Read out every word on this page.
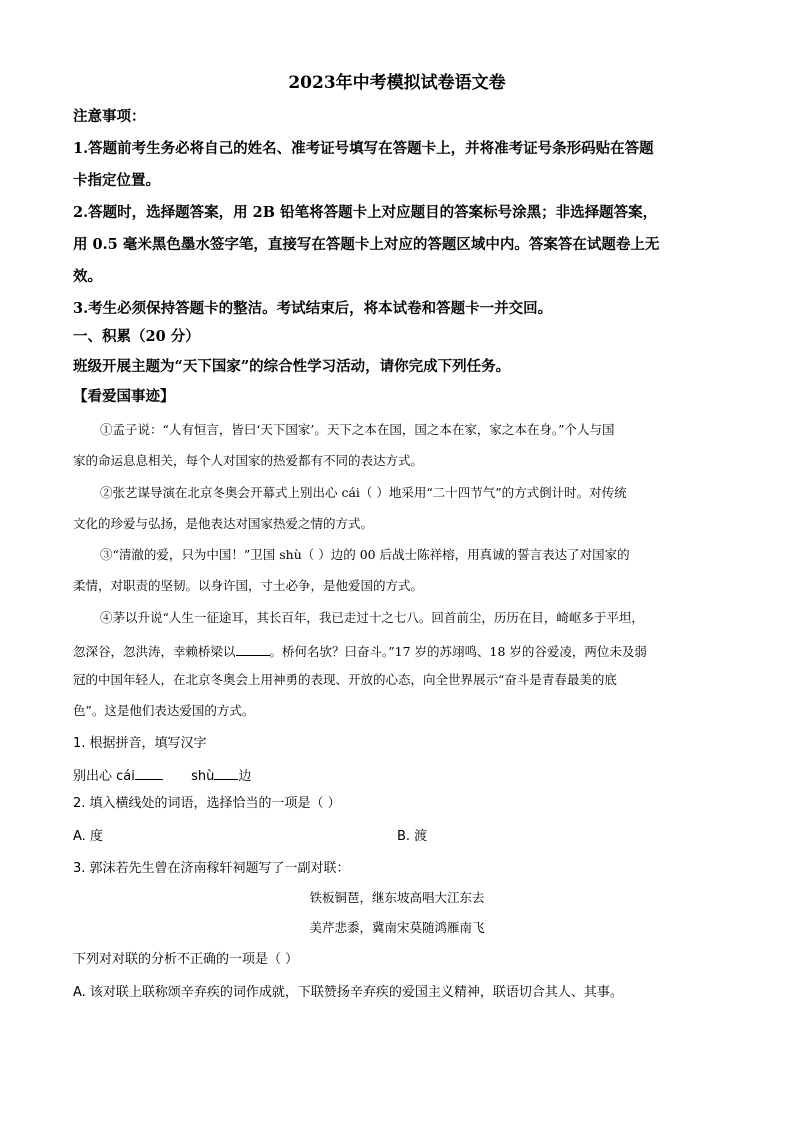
2023年中考模拟试卷语文卷
注意事项：
1.答题前考生务必将自己的姓名、准考证号填写在答题卡上，并将准考证号条形码贴在答题
卡指定位置。
2.答题时，选择题答案，用 2B 铅笔将答题卡上对应题目的答案标号涂黑；非选择题答案，
用 0.5 毫米黑色墨水签字笔，直接写在答题卡上对应的答题区域中内。答案答在试题卷上无
效。
3.考生必须保持答题卡的整洁。考试结束后，将本试卷和答题卡一并交回。
一、积累（20 分）
班级开展主题为“天下国家”的综合性学习活动，请你完成下列任务。
【看爱国事迹】
①孟子说：“人有恒言，皆曰‘天下国家’。天下之本在国，国之本在家，家之本在身。”个人与国
家的命运息息相关，每个人对国家的热爱都有不同的表达方式。
②张艺谋导演在北京冬奥会开幕式上别出心 cái（ ）地采用“二十四节气”的方式倒计时。对传统
文化的珍爱与弘扬，是他表达对国家热爱之情的方式。
③“清澈的爱，只为中国！”卫国 shù（ ）边的 00 后战士陈祥榕，用真诚的誓言表达了对国家的
柔情，对职责的坚韧。以身许国，寸土必争，是他爱国的方式。
④茅以升说“人生一征途耳，其长百年，我已走过十之七八。回首前尘，历历在目，崎岖多于平坦，
忽深谷，忽洪涛，幸赖桥梁以	。桥何名欤？曰奋斗。”17 岁的苏翊鸣、18 岁的谷爱凌，两位未及弱
冠的中国年轻人，在北京冬奥会上用神勇的表现、开放的心态，向全世界展示“奋斗是青春最美的底
色”。这是他们表达爱国的方式。
1. 根据拼音，填写汉字
别出心 cái	shù 边
2. 填入横线处的词语，选择恰当的一项是（ ）
A. 度	B. 渡
3. 郭沫若先生曾在济南稼轩祠题写了一副对联：
铁板铜琶，继东坡高唱大江东去
美芹悲黍，冀南宋莫随鸿雁南飞
下列对对联的分析不正确的一项是（ ）
A. 该对联上联称颂辛弃疾的词作成就，下联赞扬辛弃疾的爱国主义精神，联语切合其人、其事。
